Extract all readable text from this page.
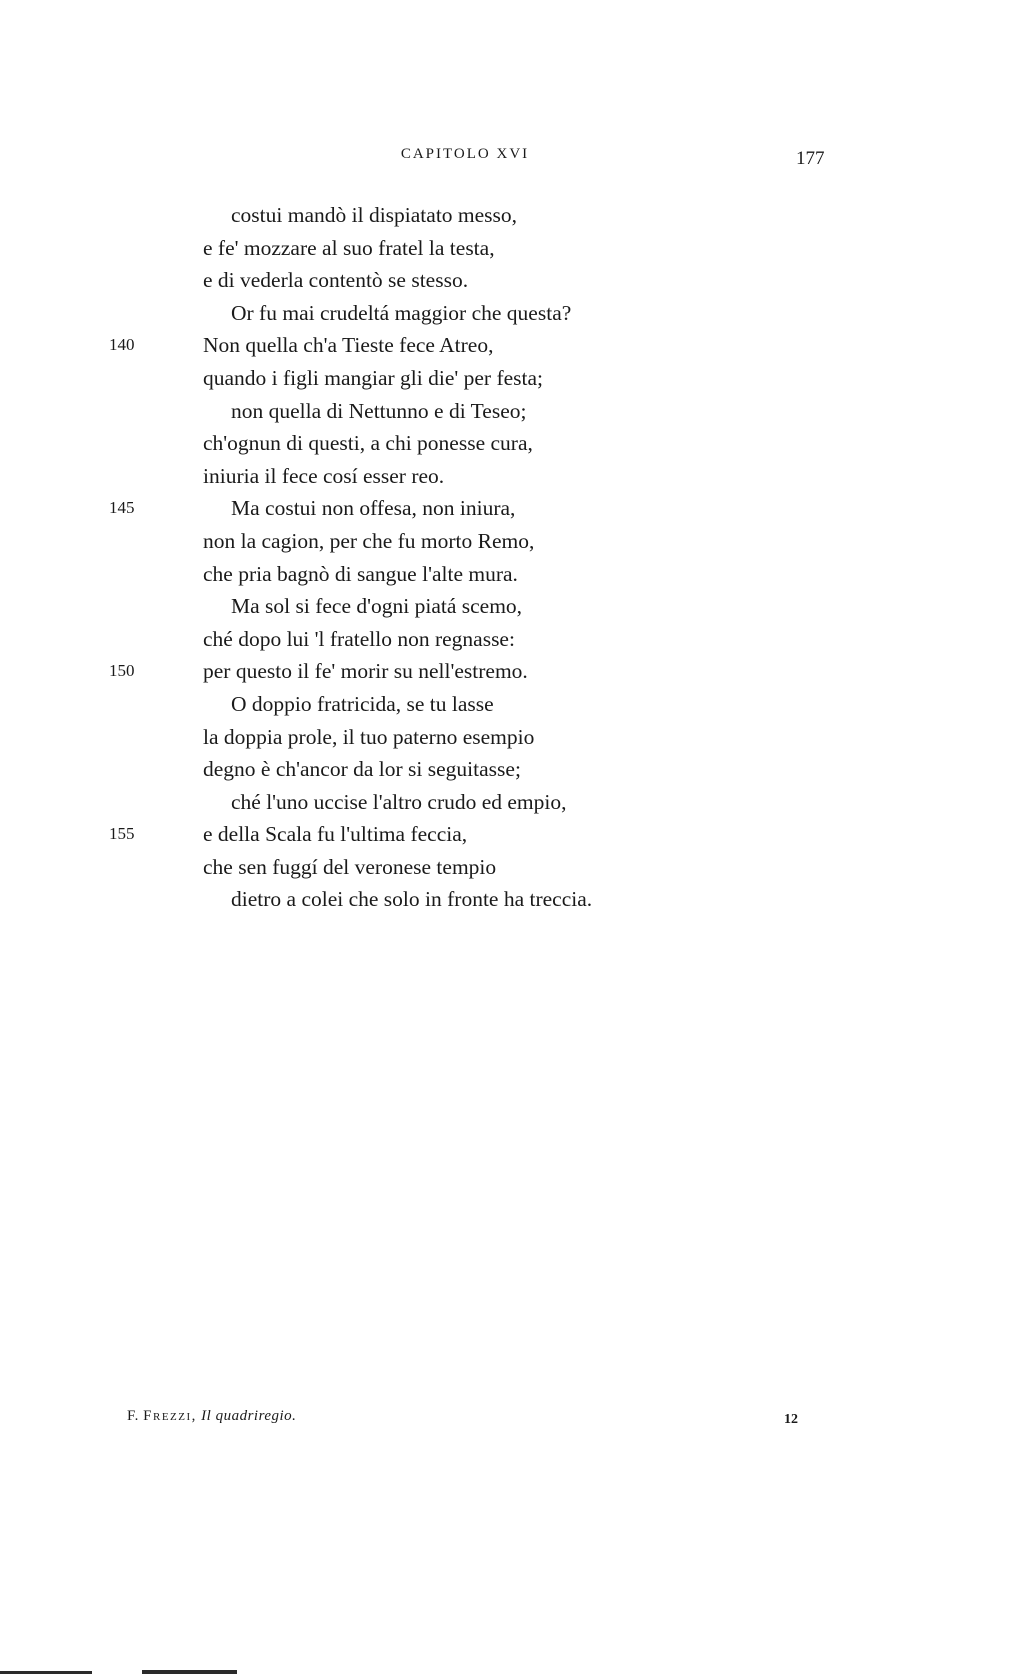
CAPITOLO XVI	177
costui mandò il dispiatato messo,
e fe' mozzare al suo fratel la testa,
e di vederla contentò se stesso.
Or fu mai crudeltá maggior che questa?
140	Non quella ch'a Tieste fece Atreo,
quando i figli mangiar gli die' per festa;
non quella di Nettunno e di Teseo;
ch'ognun di questi, a chi ponesse cura,
iniuria il fece cosí esser reo.
145	Ma costui non offesa, non iniura,
non la cagion, per che fu morto Remo,
che pria bagnò di sangue l'alte mura.
Ma sol si fece d'ogni piatá scemo,
ché dopo lui 'l fratello non regnasse:
150	per questo il fe' morir su nell'estremo.
O doppio fratricida, se tu lasse
la doppia prole, il tuo paterno esempio
degno è ch'ancor da lor si seguitasse;
ché l'uno uccise l'altro crudo ed empio,
155	e della Scala fu l'ultima feccia,
che sen fuggí del veronese tempio
dietro a colei che solo in fronte ha treccia.
F. Frezzi, Il quadriregio.	12
